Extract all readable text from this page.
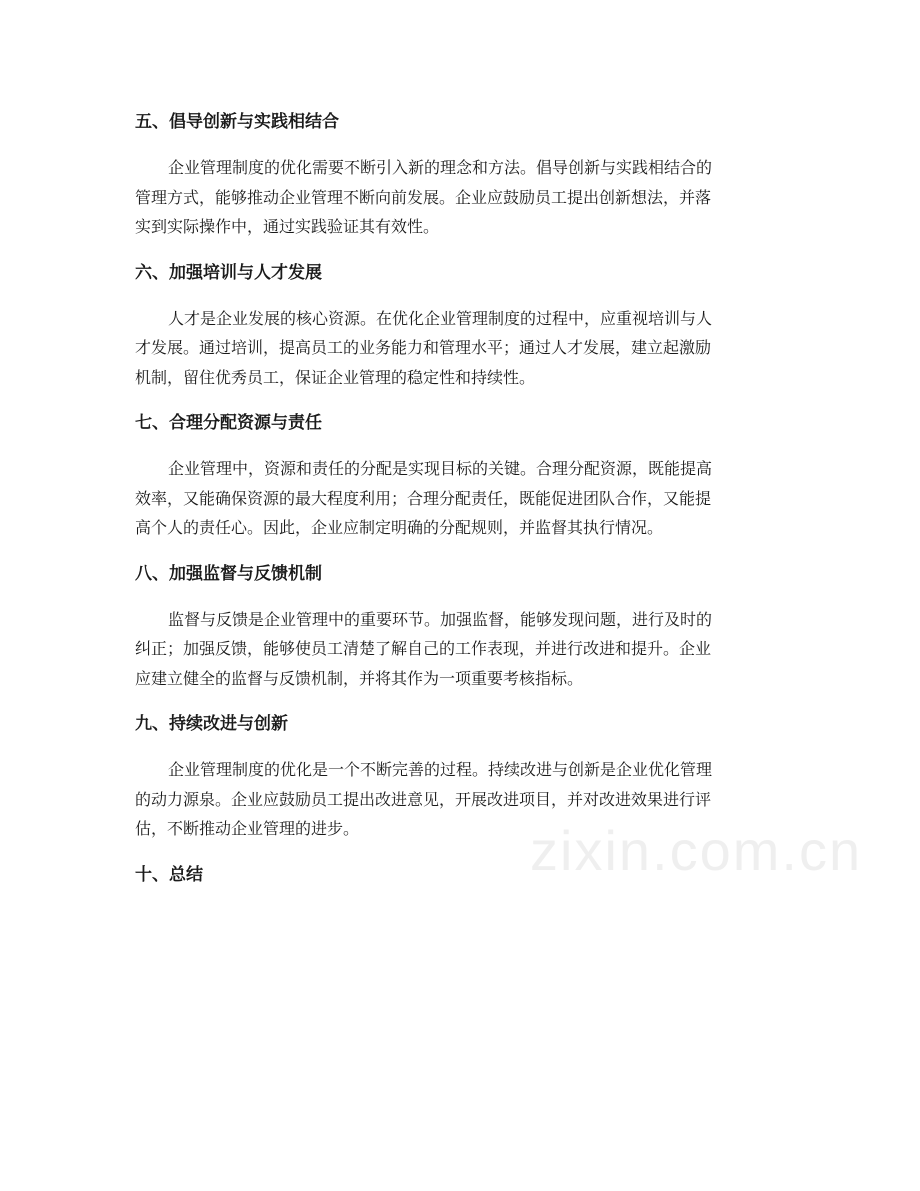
五、倡导创新与实践相结合
企业管理制度的优化需要不断引入新的理念和方法。倡导创新与实践相结合的
管理方式，能够推动企业管理不断向前发展。企业应鼓励员工提出创新想法，并落
实到实际操作中，通过实践验证其有效性。
六、加强培训与人才发展
人才是企业发展的核心资源。在优化企业管理制度的过程中，应重视培训与人
才发展。通过培训，提高员工的业务能力和管理水平；通过人才发展，建立起激励
机制，留住优秀员工，保证企业管理的稳定性和持续性。
七、合理分配资源与责任
企业管理中，资源和责任的分配是实现目标的关键。合理分配资源，既能提高
效率，又能确保资源的最大程度利用；合理分配责任，既能促进团队合作，又能提
高个人的责任心。因此，企业应制定明确的分配规则，并监督其执行情况。
八、加强监督与反馈机制
监督与反馈是企业管理中的重要环节。加强监督，能够发现问题，进行及时的
纠正；加强反馈，能够使员工清楚了解自己的工作表现，并进行改进和提升。企业
应建立健全的监督与反馈机制，并将其作为一项重要考核指标。
九、持续改进与创新
企业管理制度的优化是一个不断完善的过程。持续改进与创新是企业优化管理
的动力源泉。企业应鼓励员工提出改进意见，开展改进项目，并对改进效果进行评
估，不断推动企业管理的进步。
十、总结	zixin.com.cn
